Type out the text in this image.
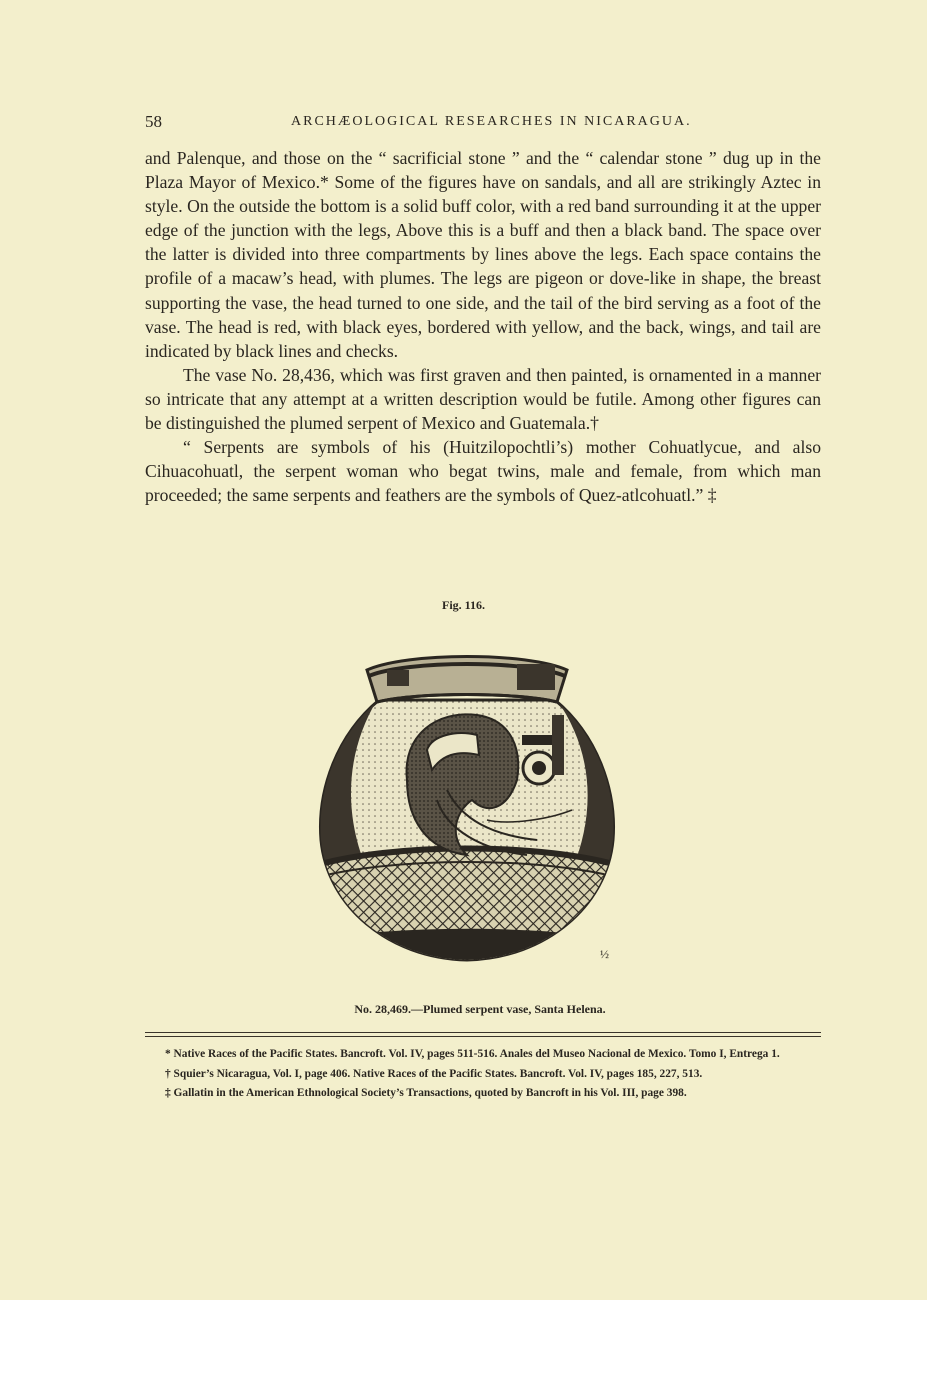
58	ARCHÆOLOGICAL RESEARCHES IN NICARAGUA.

and Palenque, and those on the “ sacrificial stone ” and the “ calendar stone ” dug up in the Plaza Mayor of Mexico.* Some of the figures have on sandals, and all are strikingly Aztec in style. On the outside the bottom is a solid buff color, with a red band surrounding it at the upper edge of the junction with the legs, Above this is a buff and then a black band. The space over the latter is divided into three compartments by lines above the legs. Each space contains the profile of a macaw’s head, with plumes. The legs are pigeon or dove-like in shape, the breast supporting the vase, the head turned to one side, and the tail of the bird serving as a foot of the vase. The head is red, with black eyes, bordered with yellow, and the back, wings, and tail are indicated by black lines and checks.

The vase No. 28,436, which was first graven and then painted, is ornamented in a manner so intricate that any attempt at a written description would be futile. Among other figures can be distinguished the plumed serpent of Mexico and Guatemala.†

“ Serpents are symbols of his (Huitzilopochtli’s) mother Cohuatlycue, and also Cihuacohuatl, the serpent woman who begat twins, male and female, from which man proceeded; the same serpents and feathers are the symbols of Quez-atlcohuatl.” ‡

Fig. 116.
½
No. 28,469.—Plumed serpent vase, Santa Helena.

* Native Races of the Pacific States. Bancroft. Vol. IV, pages 511-516. Anales del Museo Nacional de Mexico. Tomo I, Entrega 1.

† Squier’s Nicaragua, Vol. I, page 406. Native Races of the Pacific States. Bancroft. Vol. IV, pages 185, 227, 513.

‡ Gallatin in the American Ethnological Society’s Transactions, quoted by Bancroft in his Vol. III, page 398.
